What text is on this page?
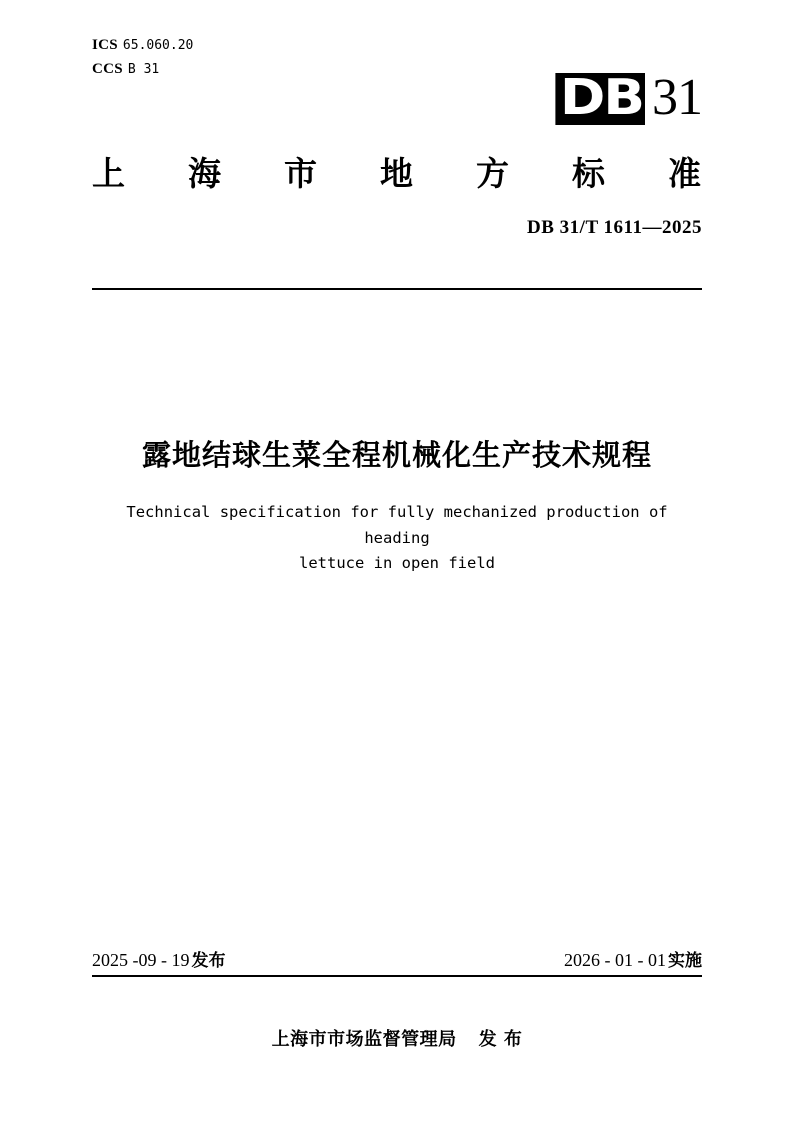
ICS 65.060.20
CCS B 31	DB 31
上 海 市 地 方 标 准
DB 31/T 1611—2025
露地结球生菜全程机械化生产技术规程
Technical specification for fully mechanized production of heading
lettuce in open field
2025 -09 - 19 发布	2026 - 01 - 01 实施
上海市市场监督管理局 发 布
